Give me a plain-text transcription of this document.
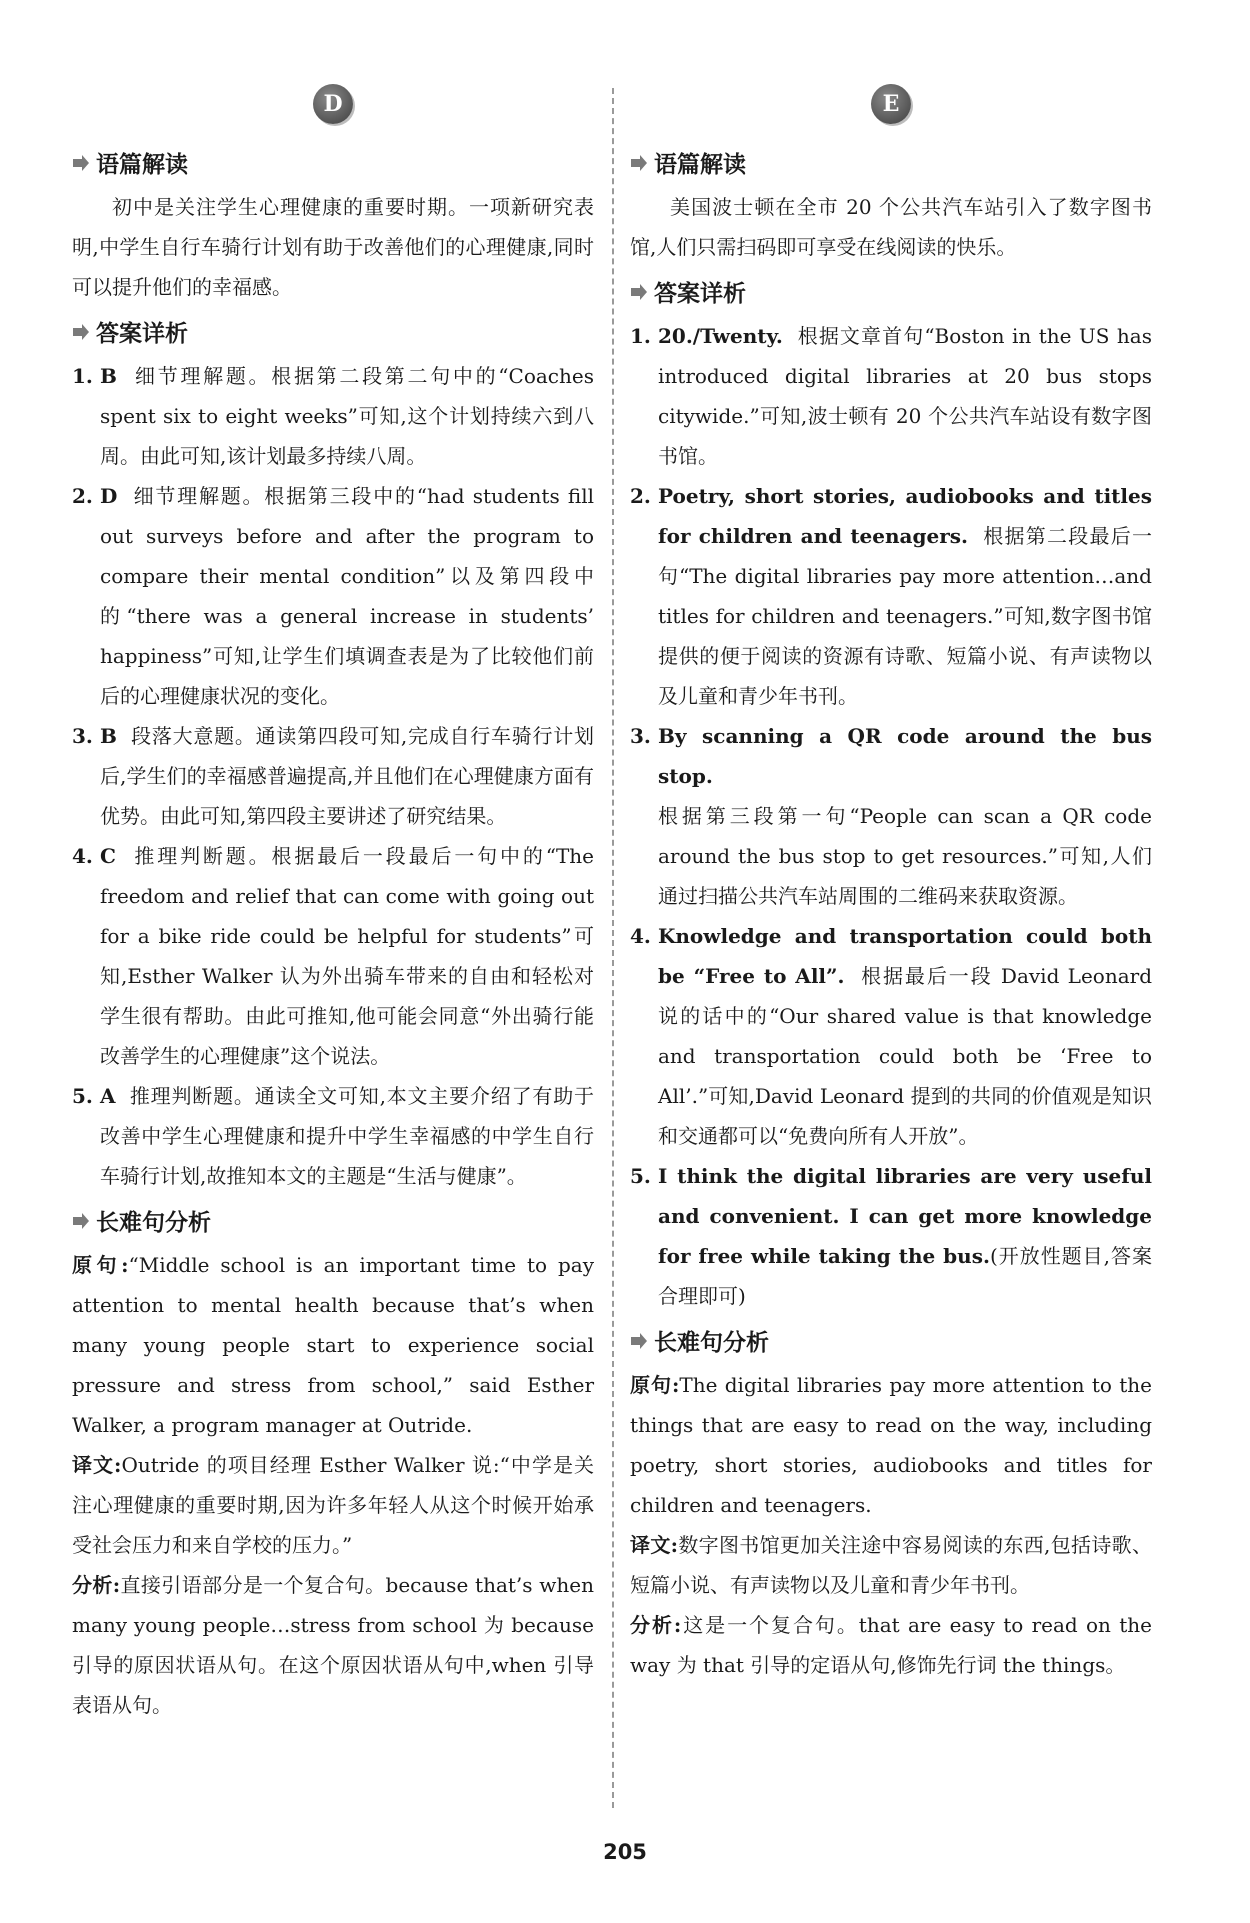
D
语篇解读

初中是关注学生心理健康的重要时期。一项新研究表明,中学生自行车骑行计划有助于改善他们的心理健康,同时可以提升他们的幸福感。

答案详析
1. B 细节理解题。根据第二段第二句中的“Coaches spent six to eight weeks”可知,这个计划持续六到八周。由此可知,该计划最多持续八周。
2. D 细节理解题。根据第三段中的“had students fill out surveys before and after the program to compare their mental condition”以及第四段中的“there was a general increase in students’ happiness”可知,让学生们填调查表是为了比较他们前后的心理健康状况的变化。
3. B 段落大意题。通读第四段可知,完成自行车骑行计划后,学生们的幸福感普遍提高,并且他们在心理健康方面有优势。由此可知,第四段主要讲述了研究结果。
4. C 推理判断题。根据最后一段最后一句中的“The freedom and relief that can come with going out for a bike ride could be helpful for students”可知,Esther Walker 认为外出骑车带来的自由和轻松对学生很有帮助。由此可推知,他可能会同意“外出骑行能改善学生的心理健康”这个说法。
5. A 推理判断题。通读全文可知,本文主要介绍了有助于改善中学生心理健康和提升中学生幸福感的中学生自行车骑行计划,故推知本文的主题是“生活与健康”。
长难句分析

原句:“Middle school is an important time to pay attention to mental health because that’s when many young people start to experience social pressure and stress from school,” said Esther Walker, a program manager at Outride.

译文:Outride 的项目经理 Esther Walker 说:“中学是关注心理健康的重要时期,因为许多年轻人从这个时候开始承受社会压力和来自学校的压力。”

分析:直接引语部分是一个复合句。because that’s when many young people…stress from school 为 because 引导的原因状语从句。在这个原因状语从句中,when 引导表语从句。

E
语篇解读

美国波士顿在全市 20 个公共汽车站引入了数字图书馆,人们只需扫码即可享受在线阅读的快乐。

答案详析
1. 20./Twenty. 根据文章首句“Boston in the US has introduced digital libraries at 20 bus stops citywide.”可知,波士顿有 20 个公共汽车站设有数字图书馆。
2. Poetry, short stories, audiobooks and titles for children and teenagers. 根据第二段最后一句“The digital libraries pay more attention…and titles for children and teenagers.”可知,数字图书馆提供的便于阅读的资源有诗歌、短篇小说、有声读物以及儿童和青少年书刊。
3. By scanning a QR code around the bus stop.
根据第三段第一句“People can scan a QR code around the bus stop to get resources.”可知,人们通过扫描公共汽车站周围的二维码来获取资源。
4. Knowledge and transportation could both be “Free to All”. 根据最后一段 David Leonard 说的话中的“Our shared value is that knowledge and transportation could both be ‘Free to All’.”可知,David Leonard 提到的共同的价值观是知识和交通都可以“免费向所有人开放”。
5. I think the digital libraries are very useful and convenient. I can get more knowledge for free while taking the bus.(开放性题目,答案合理即可)
长难句分析

原句:The digital libraries pay more attention to the things that are easy to read on the way, including poetry, short stories, audiobooks and titles for children and teenagers.

译文:数字图书馆更加关注途中容易阅读的东西,包括诗歌、短篇小说、有声读物以及儿童和青少年书刊。

分析:这是一个复合句。that are easy to read on the way 为 that 引导的定语从句,修饰先行词 the things。

205
